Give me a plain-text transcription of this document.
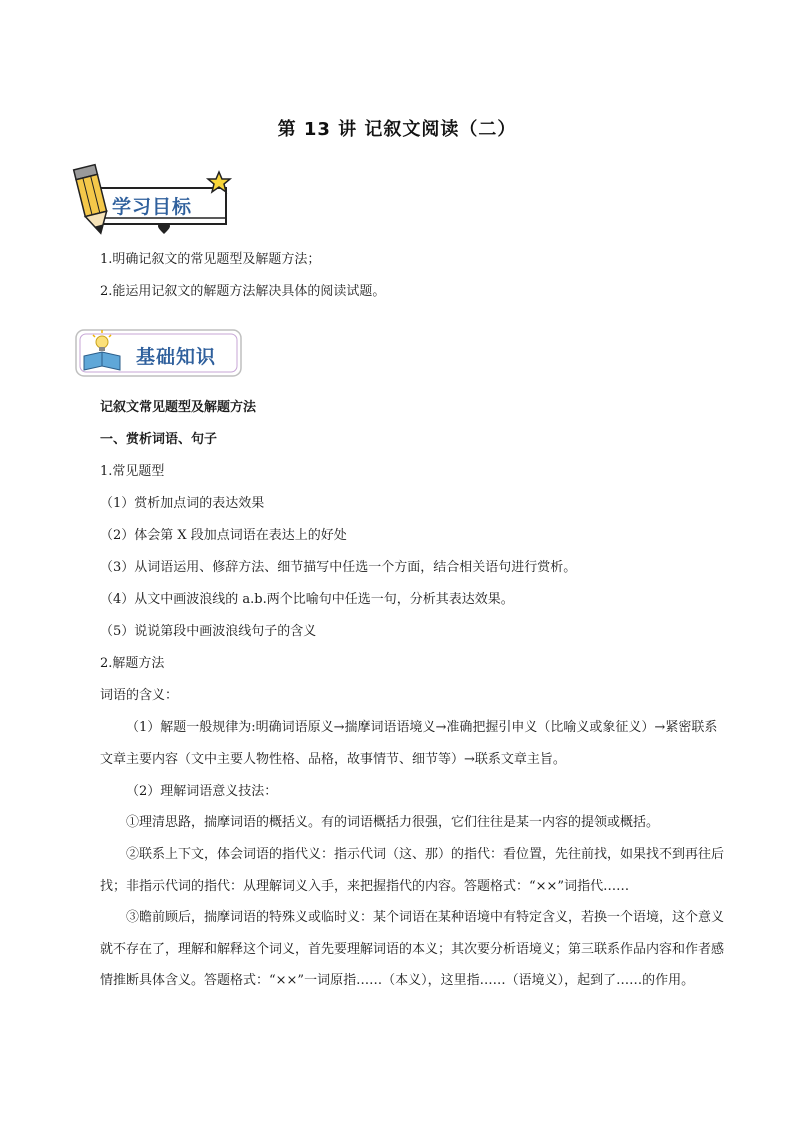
第 13 讲 记叙文阅读（二）
学习目标

1.明确记叙文的常见题型及解题方法；

2.能运用记叙文的解题方法解决具体的阅读试题。

基础知识

记叙文常见题型及解题方法

一、赏析词语、句子

1.常见题型

（1）赏析加点词的表达效果

（2）体会第 X 段加点词语在表达上的好处

（3）从词语运用、修辞方法、细节描写中任选一个方面，结合相关语句进行赏析。

（4）从文中画波浪线的 a.b.两个比喻句中任选一句，分析其表达效果。

（5）说说第段中画波浪线句子的含义

2.解题方法

词语的含义：

（1）解题一般规律为:明确词语原义→揣摩词语语境义→准确把握引申义（比喻义或象征义）→紧密联系文章主要内容（文中主要人物性格、品格，故事情节、细节等）→联系文章主旨。

（2）理解词语意义技法：

①理清思路，揣摩词语的概括义。有的词语概括力很强，它们往往是某一内容的提领或概括。

②联系上下文，体会词语的指代义：指示代词（这、那）的指代：看位置，先往前找，如果找不到再往后找；非指示代词的指代：从理解词义入手，来把握指代的内容。答题格式：“××”词指代……

③瞻前顾后，揣摩词语的特殊义或临时义：某个词语在某种语境中有特定含义，若换一个语境，这个意义就不存在了，理解和解释这个词义，首先要理解词语的本义；其次要分析语境义；第三联系作品内容和作者感情推断具体含义。答题格式：“××”一词原指……（本义），这里指……（语境义），起到了……的作用。
